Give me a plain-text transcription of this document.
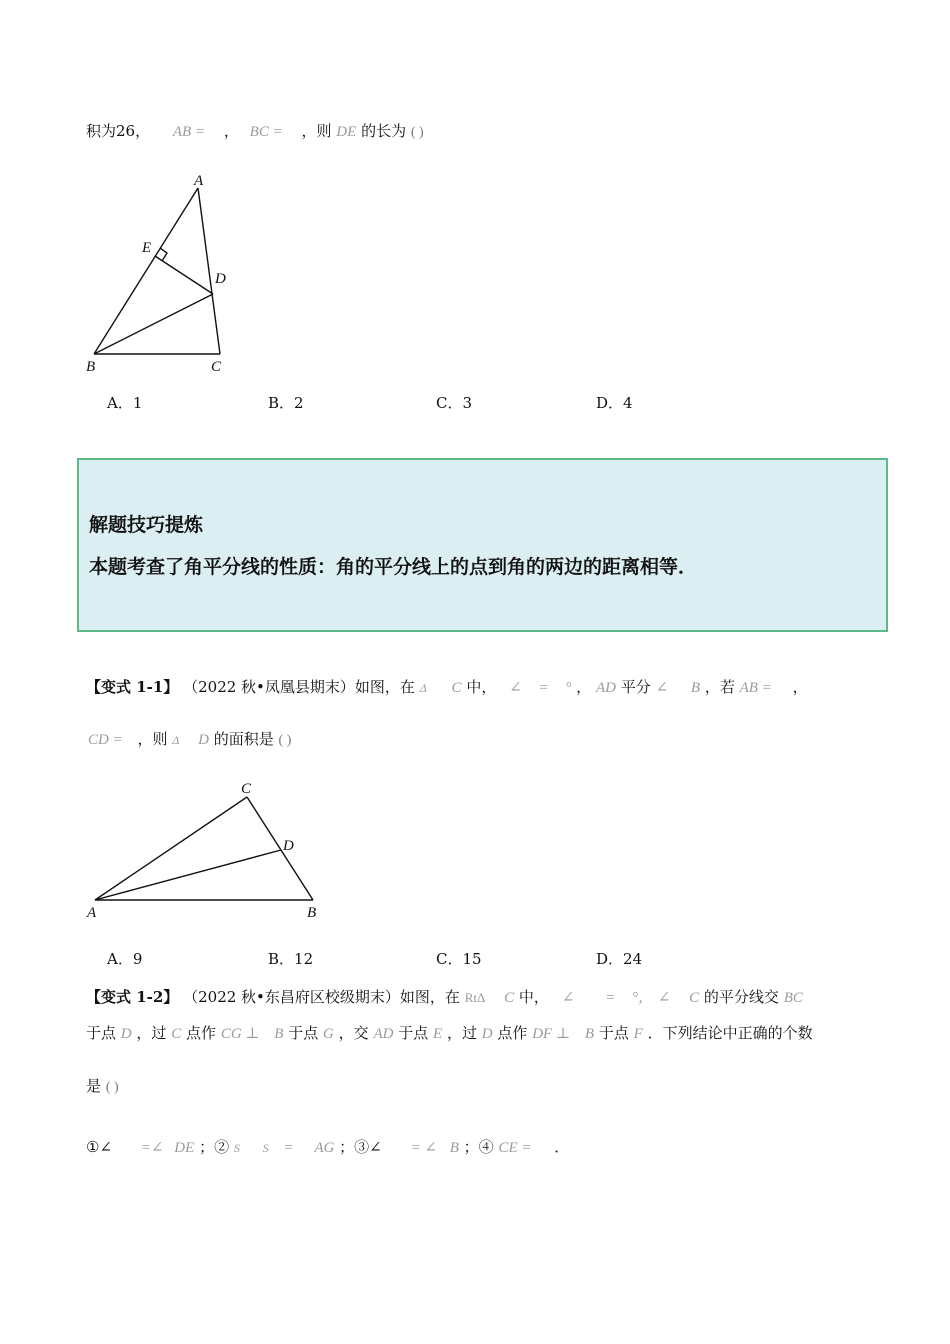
积为26， AB = ， BC = ，则 DE 的长为 ( )
A
E
D
B	C
A．1	B．2	C．3	D．4
解题技巧提炼
本题考查了角平分线的性质：角的平分线上的点到角的两边的距离相等．
【变式 1-1】 （2022 秋•凤凰县期末）如图，在 Δ C 中， ∠ = ° ， AD 平分 ∠ B ，若 AB = ，
CD = ，则 Δ D 的面积是 ( )
C
D
A	B
A．9	B．12	C．15	D．24
【变式 1-2】 （2022 秋•东昌府区校级期末）如图，在 RtΔ C 中， ∠ = °， ∠ C 的平分线交 BC
于点 D ，过 C 点作 CG ⊥ B 于点 G ，交 AD 于点 E ，过 D 点作 DF ⊥ B 于点 F ．下列结论中正确的个数
是 ( )
①∠ =∠ DE ；② S S = AG ；③∠ = ∠ B ；④ CE = ．
